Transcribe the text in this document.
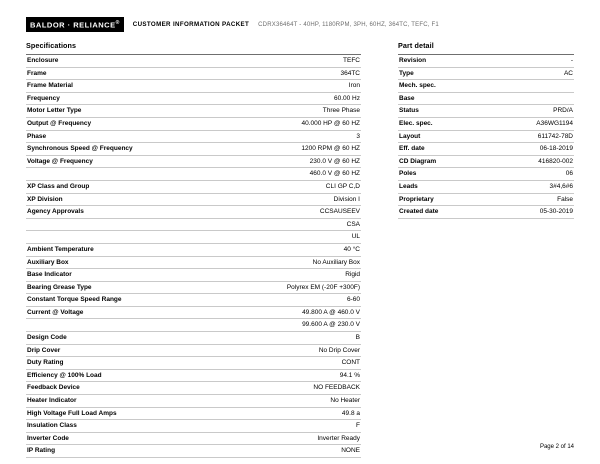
BALDOR · RELIANCE®	CUSTOMER INFORMATION PACKET CDRX36464T - 40HP, 1180RPM, 3PH, 60HZ, 364TC, TEFC, F1
Specifications
Enclosure	TEFC
Frame	364TC
Frame Material	Iron
Frequency	60.00 Hz
Motor Letter Type	Three Phase
Output @ Frequency	40.000 HP @ 60 HZ
Phase	3
Synchronous Speed @ Frequency	1200 RPM @ 60 HZ
Voltage @ Frequency	230.0 V @ 60 HZ
	460.0 V @ 60 HZ
XP Class and Group	CLI GP C,D
XP Division	Division I
Agency Approvals	CCSAUSEEV
	CSA
	UL
Ambient Temperature	40 °C
Auxiliary Box	No Auxiliary Box
Base Indicator	Rigid
Bearing Grease Type	Polyrex EM (-20F +300F)
Constant Torque Speed Range	6-60
Current @ Voltage	49.800 A @ 460.0 V
	99.600 A @ 230.0 V
Design Code	B
Drip Cover	No Drip Cover
Duty Rating	CONT
Efficiency @ 100% Load	94.1 %
Feedback Device	NO FEEDBACK
Heater Indicator	No Heater
High Voltage Full Load Amps	49.8 a
Insulation Class	F
Inverter Code	Inverter Ready
IP Rating	NONE
Part detail
Revision	-
Type	AC
Mech. spec.	
Base	
Status	PRD/A
Elec. spec.	A36WG1194
Layout	611742-78D
Eff. date	06-18-2019
CD Diagram	416820-002
Poles	06
Leads	3#4,6#6
Proprietary	False
Created date	05-30-2019
Page 2 of 14
